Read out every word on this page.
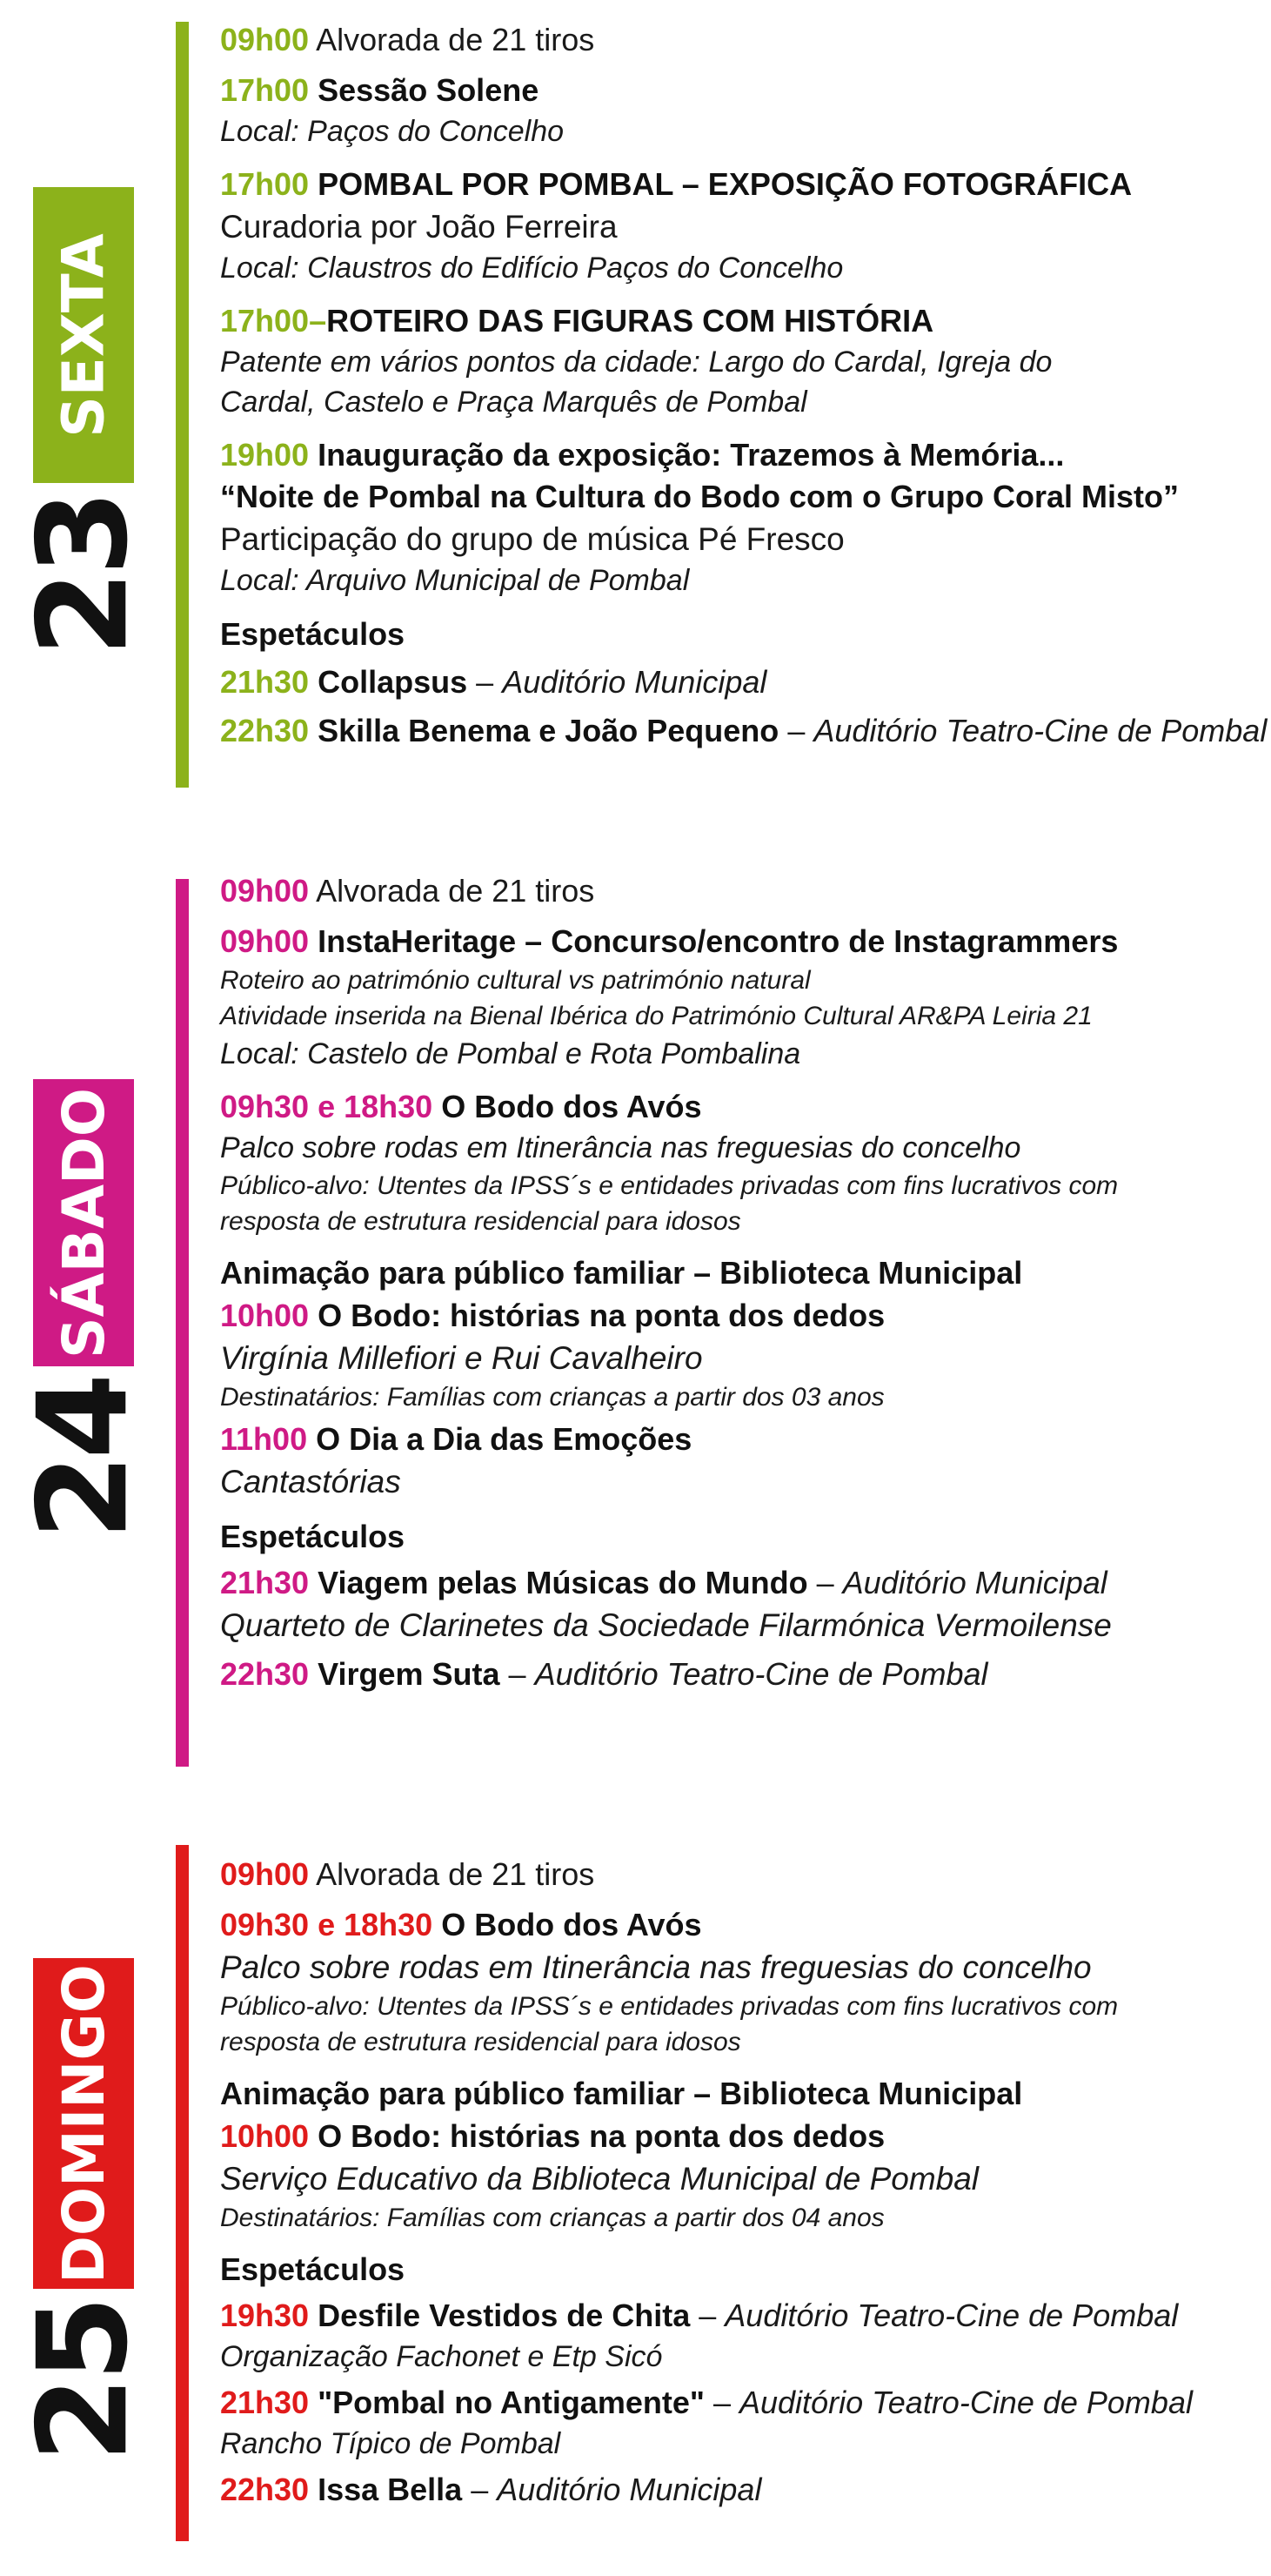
SEXTA
23
09h00 Alvorada de 21 tiros
17h00 Sessão Solene
Local: Paços do Concelho
17h00 POMBAL POR POMBAL – EXPOSIÇÃO FOTOGRÁFICA
Curadoria por João Ferreira
Local: Claustros do Edifício Paços do Concelho
17h00–ROTEIRO DAS FIGURAS COM HISTÓRIA
Patente em vários pontos da cidade: Largo do Cardal, Igreja do
Cardal, Castelo e Praça Marquês de Pombal
19h00 Inauguração da exposição: Trazemos à Memória...
“Noite de Pombal na Cultura do Bodo com o Grupo Coral Misto”
Participação do grupo de música Pé Fresco
Local: Arquivo Municipal de Pombal
Espetáculos
21h30 Collapsus – Auditório Municipal
22h30 Skilla Benema e João Pequeno – Auditório Teatro-Cine de Pombal
SÁBADO
24
09h00 Alvorada de 21 tiros
09h00 InstaHeritage – Concurso/encontro de Instagrammers
Roteiro ao património cultural vs património natural
Atividade inserida na Bienal Ibérica do Património Cultural AR&PA Leiria 21
Local: Castelo de Pombal e Rota Pombalina
09h30 e 18h30 O Bodo dos Avós
Palco sobre rodas em Itinerância nas freguesias do concelho
Público-alvo: Utentes da IPSS´s e entidades privadas com fins lucrativos com
resposta de estrutura residencial para idosos
Animação para público familiar – Biblioteca Municipal
10h00 O Bodo: histórias na ponta dos dedos
Virgínia Millefiori e Rui Cavalheiro
Destinatários: Famílias com crianças a partir dos 03 anos
11h00 O Dia a Dia das Emoções
Cantastórias
Espetáculos
21h30 Viagem pelas Músicas do Mundo – Auditório Municipal
Quarteto de Clarinetes da Sociedade Filarmónica Vermoilense
22h30 Virgem Suta – Auditório Teatro-Cine de Pombal
DOMINGO
25
09h00 Alvorada de 21 tiros
09h30 e 18h30 O Bodo dos Avós
Palco sobre rodas em Itinerância nas freguesias do concelho
Público-alvo: Utentes da IPSS´s e entidades privadas com fins lucrativos com
resposta de estrutura residencial para idosos
Animação para público familiar – Biblioteca Municipal
10h00 O Bodo: histórias na ponta dos dedos
Serviço Educativo da Biblioteca Municipal de Pombal
Destinatários: Famílias com crianças a partir dos 04 anos
Espetáculos
19h30 Desfile Vestidos de Chita – Auditório Teatro-Cine de Pombal
Organização Fachonet e Etp Sicó
21h30 "Pombal no Antigamente" – Auditório Teatro-Cine de Pombal
Rancho Típico de Pombal
22h30 Issa Bella – Auditório Municipal
